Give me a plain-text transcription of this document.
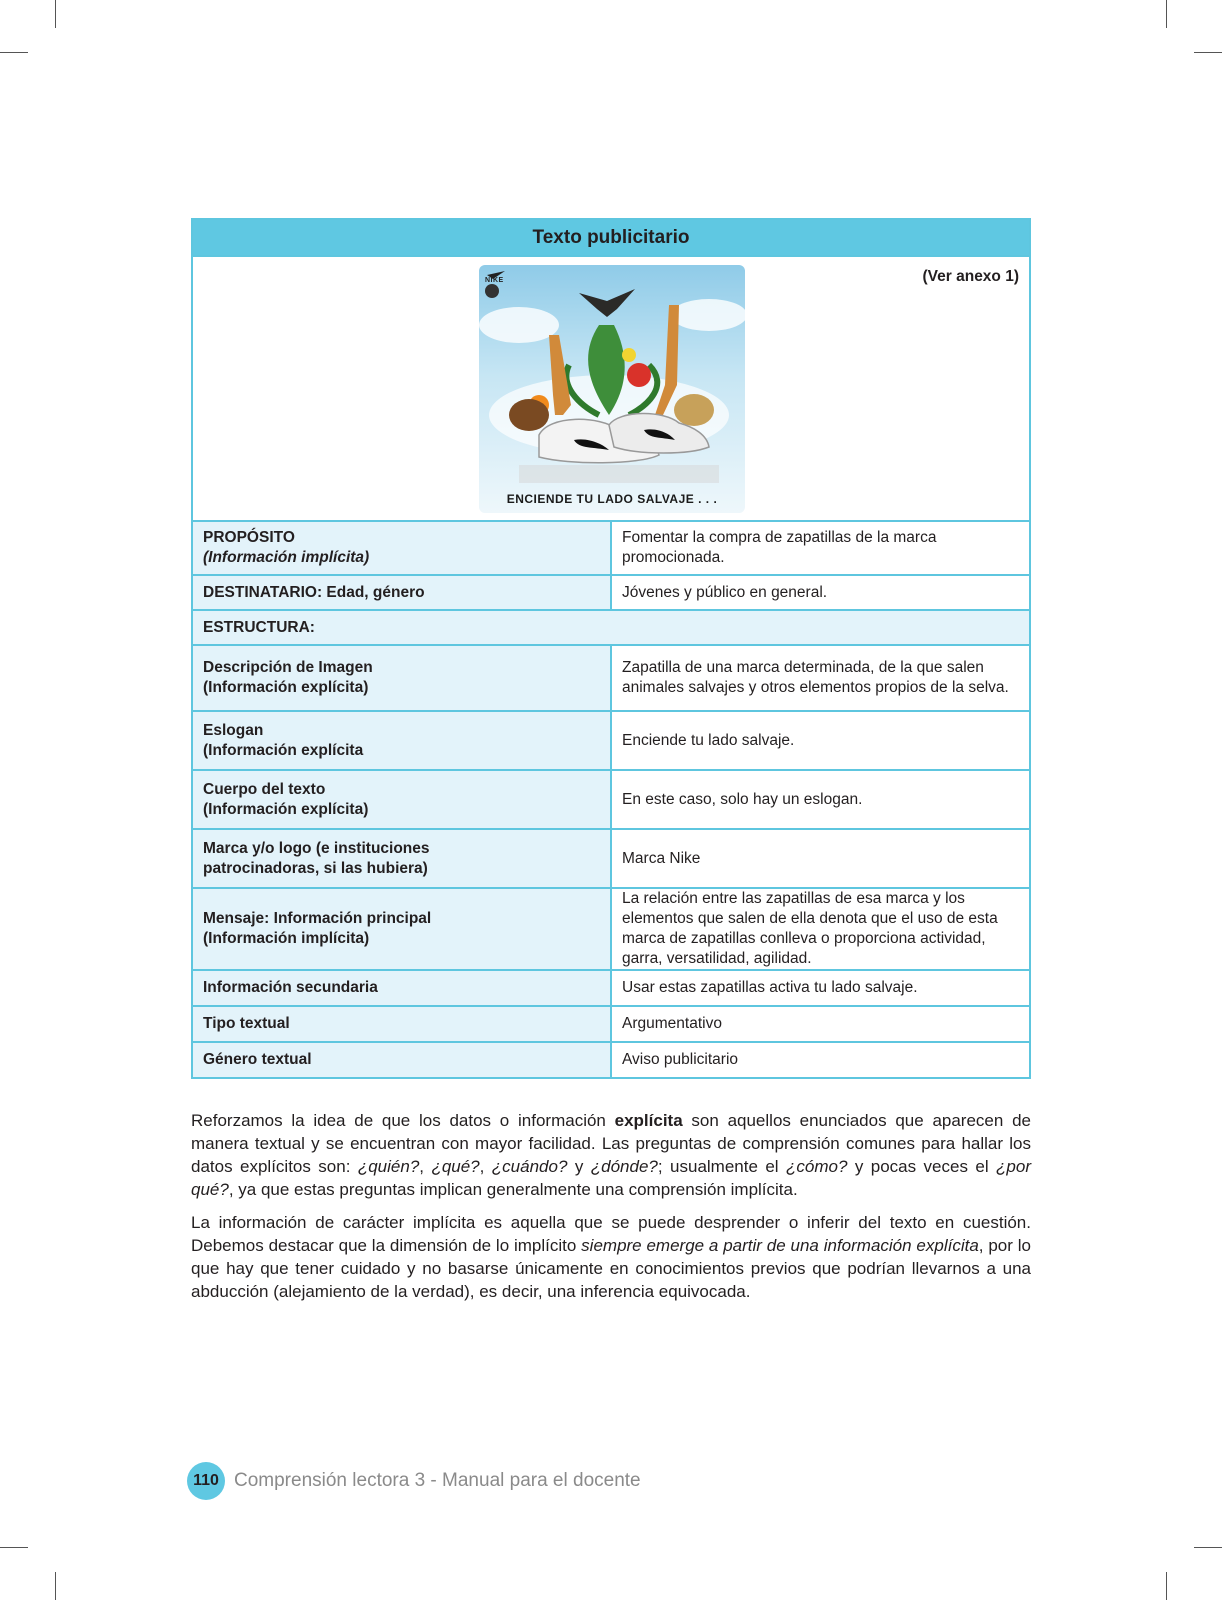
Texto publicitario	

NIKE
ENCIENDE TU LADO SALVAJE . . .
(Ver anexo 1)	

PROPÓSITO
(Información implícita)	Fomentar la compra de zapatillas de la marca promocionada.
DESTINATARIO: Edad, género	Jóvenes y público en general.
ESTRUCTURA:	

Descripción de Imagen
(Información explícita)	Zapatilla de una marca determinada, de la que salen animales salvajes y otros elementos propios de la selva.

Eslogan
(Información explícita	Enciende tu lado salvaje.

Cuerpo del texto
(Información explícita)	En este caso, solo hay un eslogan.

Marca y/o logo (e instituciones
patrocinadoras, si las hubiera)	Marca Nike

Mensaje: Información principal
(Información implícita)	La relación entre las zapatillas de esa marca y los elementos que salen de ella denota que el uso de esta marca de zapatillas conlleva o proporciona actividad, garra, versatilidad, agilidad.
Información secundaria	Usar estas zapatillas activa tu lado salvaje.
Tipo textual	Argumentativo
Género textual	Aviso publicitario

Reforzamos la idea de que los datos o información explícita son aquellos enunciados que aparecen de manera textual y se encuentran con mayor facilidad. Las preguntas de comprensión comunes para hallar los datos explícitos son: ¿quién?, ¿qué?, ¿cuándo? y ¿dónde?; usualmente el ¿cómo? y pocas veces el ¿por qué?, ya que estas preguntas implican generalmente una comprensión implícita.

La información de carácter implícita es aquella que se puede desprender o inferir del texto en cuestión. Debemos destacar que la dimensión de lo implícito siempre emerge a partir de una información explícita, por lo que hay que tener cuidado y no basarse únicamente en conocimientos previos que podrían llevarnos a una abducción (alejamiento de la verdad), es decir, una inferencia equivocada.

110 Comprensión lectora 3 - Manual para el docente
